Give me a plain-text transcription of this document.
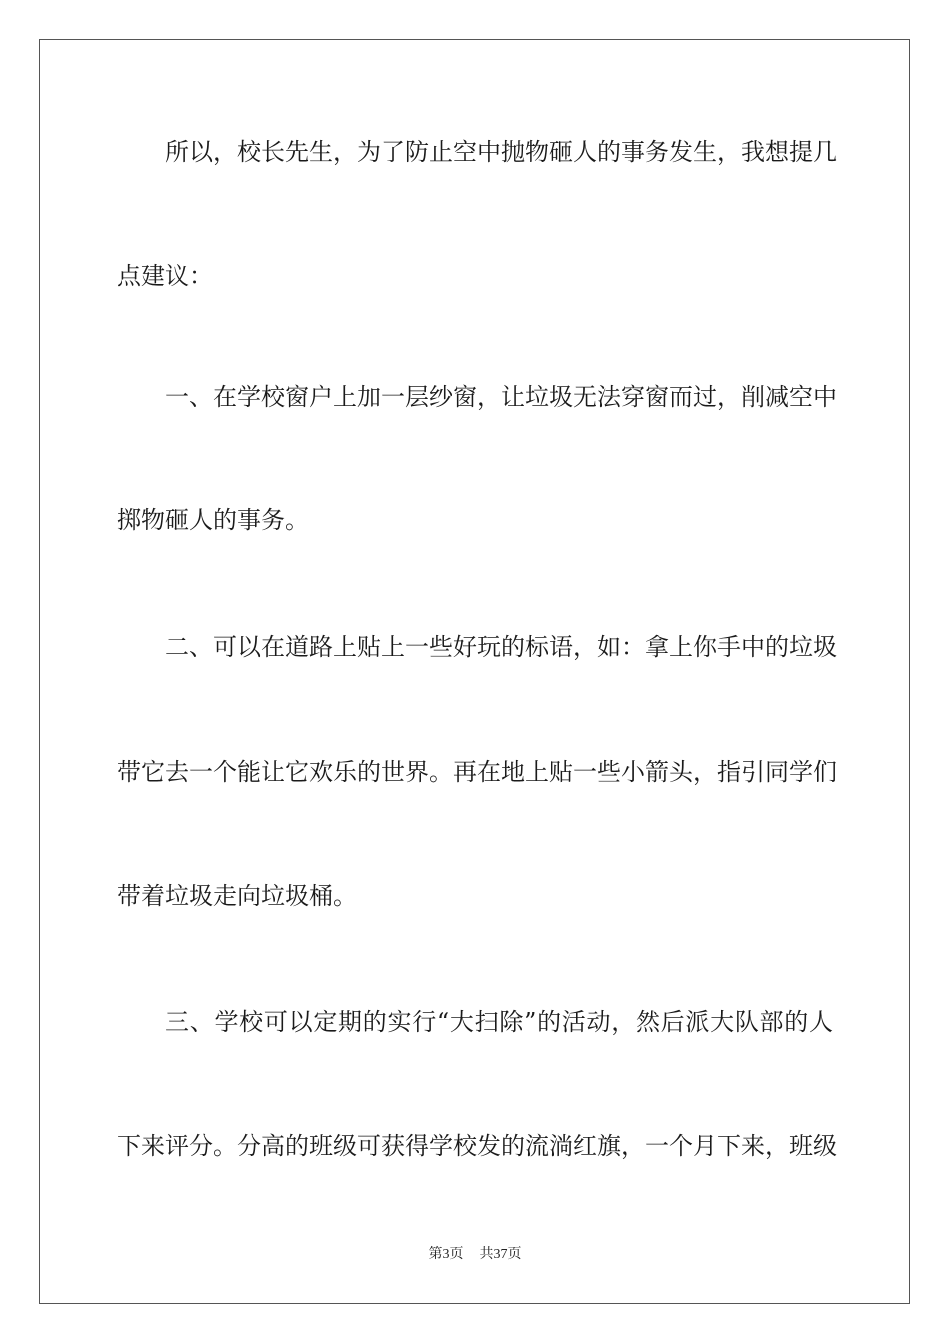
所以，校长先生，为了防止空中抛物砸人的事务发生，我想提几
点建议：
一、在学校窗户上加一层纱窗，让垃圾无法穿窗而过，削减空中
掷物砸人的事务。
二、可以在道路上贴上一些好玩的标语，如：拿上你手中的垃圾
带它去一个能让它欢乐的世界。再在地上贴一些小箭头，指引同学们
带着垃圾走向垃圾桶。
三、学校可以定期的实行“大扫除”的活动，然后派大队部的人
下来评分。分高的班级可获得学校发的流淌红旗，一个月下来，班级
第3页 共37页
